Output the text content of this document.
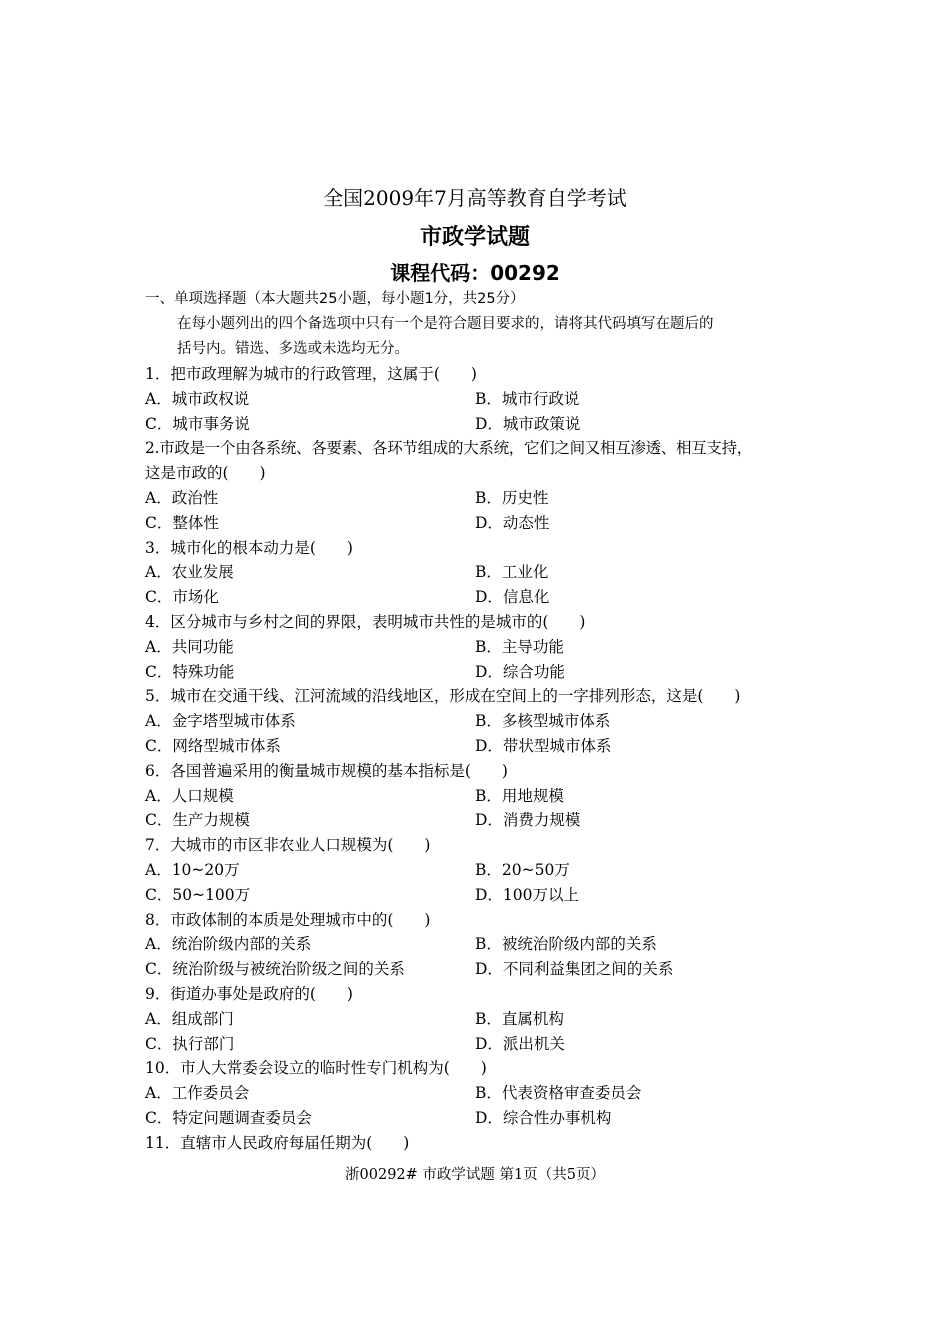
全国2009年7月高等教育自学考试
市政学试题
课程代码：00292
一、单项选择题（本大题共25小题，每小题1分，共25分）
在每小题列出的四个备选项中只有一个是符合题目要求的，请将其代码填写在题后的
括号内。错选、多选或未选均无分。
1．把市政理解为城市的行政管理，这属于(　　)
A．城市政权说	B．城市行政说
C．城市事务说	D．城市政策说
2.市政是一个由各系统、各要素、各环节组成的大系统，它们之间又相互渗透、相互支持，
这是市政的(　　)
A．政治性	B．历史性
C．整体性	D．动态性
3．城市化的根本动力是(　　)
A．农业发展	B．工业化
C．市场化	D．信息化
4．区分城市与乡村之间的界限，表明城市共性的是城市的(　　)
A．共同功能	B．主导功能
C．特殊功能	D．综合功能
5．城市在交通干线、江河流域的沿线地区，形成在空间上的一字排列形态，这是(　　)
A．金字塔型城市体系	B．多核型城市体系
C．网络型城市体系	D．带状型城市体系
6．各国普遍采用的衡量城市规模的基本指标是(　　)
A．人口规模	B．用地规模
C．生产力规模	D．消费力规模
7．大城市的市区非农业人口规模为(　　)
A．10~20万	B．20~50万
C．50~100万	D．100万以上
8．市政体制的本质是处理城市中的(　　)
A．统治阶级内部的关系	B．被统治阶级内部的关系
C．统治阶级与被统治阶级之间的关系	D．不同利益集团之间的关系
9．街道办事处是政府的(　　)
A．组成部门	B．直属机构
C．执行部门	D．派出机关
10．市人大常委会设立的临时性专门机构为(　　)
A．工作委员会	B．代表资格审查委员会
C．特定问题调查委员会	D．综合性办事机构
11．直辖市人民政府每届任期为(　　)
浙00292# 市政学试题 第1页（共5页）
